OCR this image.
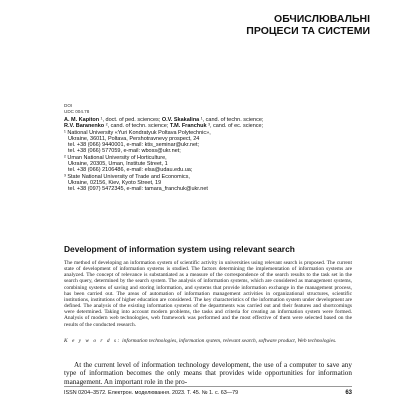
ОБЧИСЛЮВАЛЬНІ
ПРОЦЕСИ ТА СИСТЕМИ
DOI
UDC 004.78
A. M. Kapiton ¹, doct. of ped. sciences; O.V. Skakalina ¹, cand. of techn. science;
R.V. Baranenko ², cand. of techn. science; T.M. Franchuk ³, cand. of ec. science;
¹ National University «Yuri Kondratyuk Poltava Polytechnic»,
Ukraine, 36011, Poltava, Pershotravnevy prospect, 24
tel. +38 (066) 9440001, e-mail: ktis_seminar@ukr.net;
tel. +38 (066) 577059, e-mail: wboss@ukr.net;
² Uman National University of Horticulture,
Ukraine, 20305, Uman, Institute Street, 1
tel. +38 (066) 2106486, e-mail: elsa@udau.edu.ua;
³ State National University of Trade and Economics,
Ukraine, 02156, Kiev, Kyoto Street, 19
tel. +38 (097) 5472345, e-mail: tamara_franchuk@ukr.net
Development of information system using relevant search
The method of developing an information system of scientific activity in universities using relevant search is proposed. The current state of development of information systems is studied. The factors determining the implementation of information systems are analyzed. The concept of relevance is substantiated as a measure of the correspondence of the search results to the task set in the search query, determined by the search system. The analysis of information systems, which are considered as management systems, combining systems of saving and storing information, and systems that provide information exchange in the management process, has been carried out. The areas of automation of information management activities in organizational structures, scientific institutions, institutions of higher education are considered. The key characteristics of the information system under development are defined. The analysis of the existing information systems of the departments was carried out and their features and shortcomings were determined. Taking into account modern problems, the tasks and criteria for creating an information system were formed. Analysis of modern web technologies, web framework was performed and the most effective of them were selected based on the results of the conducted research.
K e y w o r d s: information technologies, information system, relevant search, software product, Web technologies.
At the current level of information technology development, the use of a computer to save any type of information becomes the only means that provides wide opportunities for information management. An important role in the pro-
ISSN 0204–3572. Електрон. моделювання. 2023. Т. 45. № 1. с. 63—79	63
